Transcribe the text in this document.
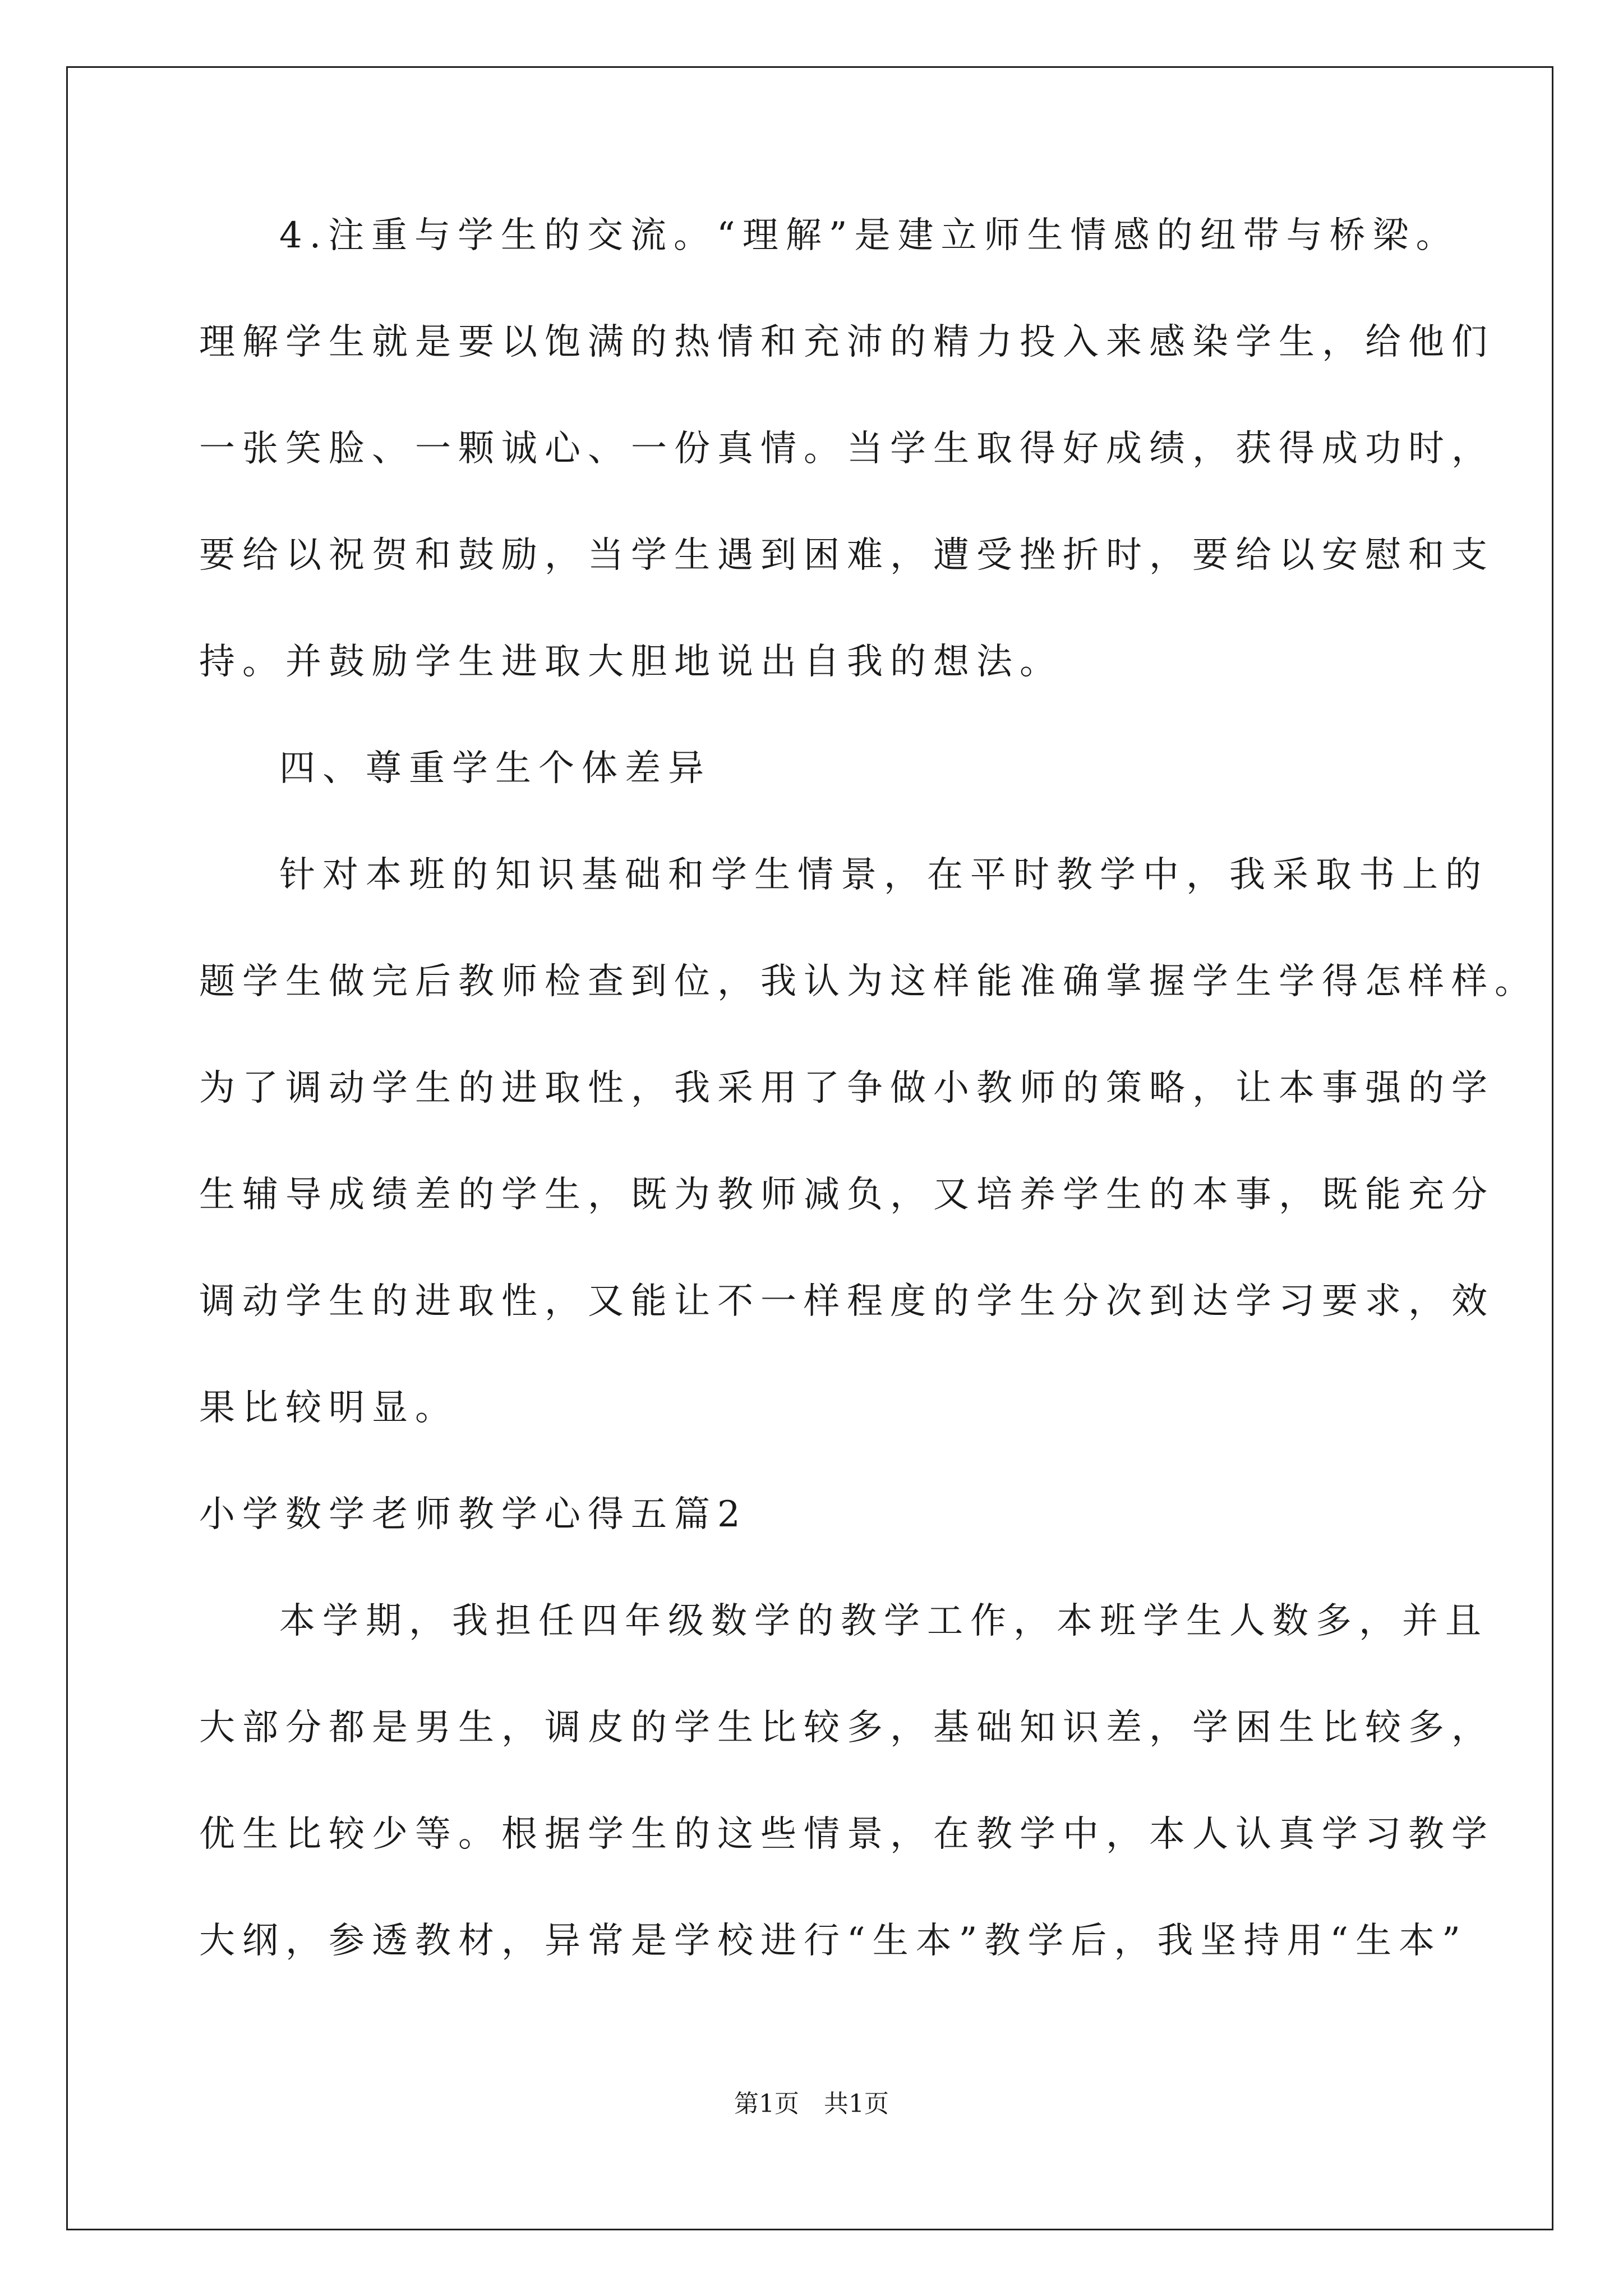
4.注重与学生的交流。“理解”是建立师生情感的纽带与桥梁。
理解学生就是要以饱满的热情和充沛的精力投入来感染学生，给他们
一张笑脸、一颗诚心、一份真情。当学生取得好成绩，获得成功时，
要给以祝贺和鼓励，当学生遇到困难，遭受挫折时，要给以安慰和支
持。并鼓励学生进取大胆地说出自我的想法。
四、尊重学生个体差异
针对本班的知识基础和学生情景，在平时教学中，我采取书上的
题学生做完后教师检查到位，我认为这样能准确掌握学生学得怎样样。
为了调动学生的进取性，我采用了争做小教师的策略，让本事强的学
生辅导成绩差的学生，既为教师减负，又培养学生的本事，既能充分
调动学生的进取性，又能让不一样程度的学生分次到达学习要求，效
果比较明显。
小学数学老师教学心得五篇2
本学期，我担任四年级数学的教学工作，本班学生人数多，并且
大部分都是男生，调皮的学生比较多，基础知识差，学困生比较多，
优生比较少等。根据学生的这些情景，在教学中，本人认真学习教学
大纲，参透教材，异常是学校进行“生本”教学后，我坚持用“生本”
第1页　共1页
